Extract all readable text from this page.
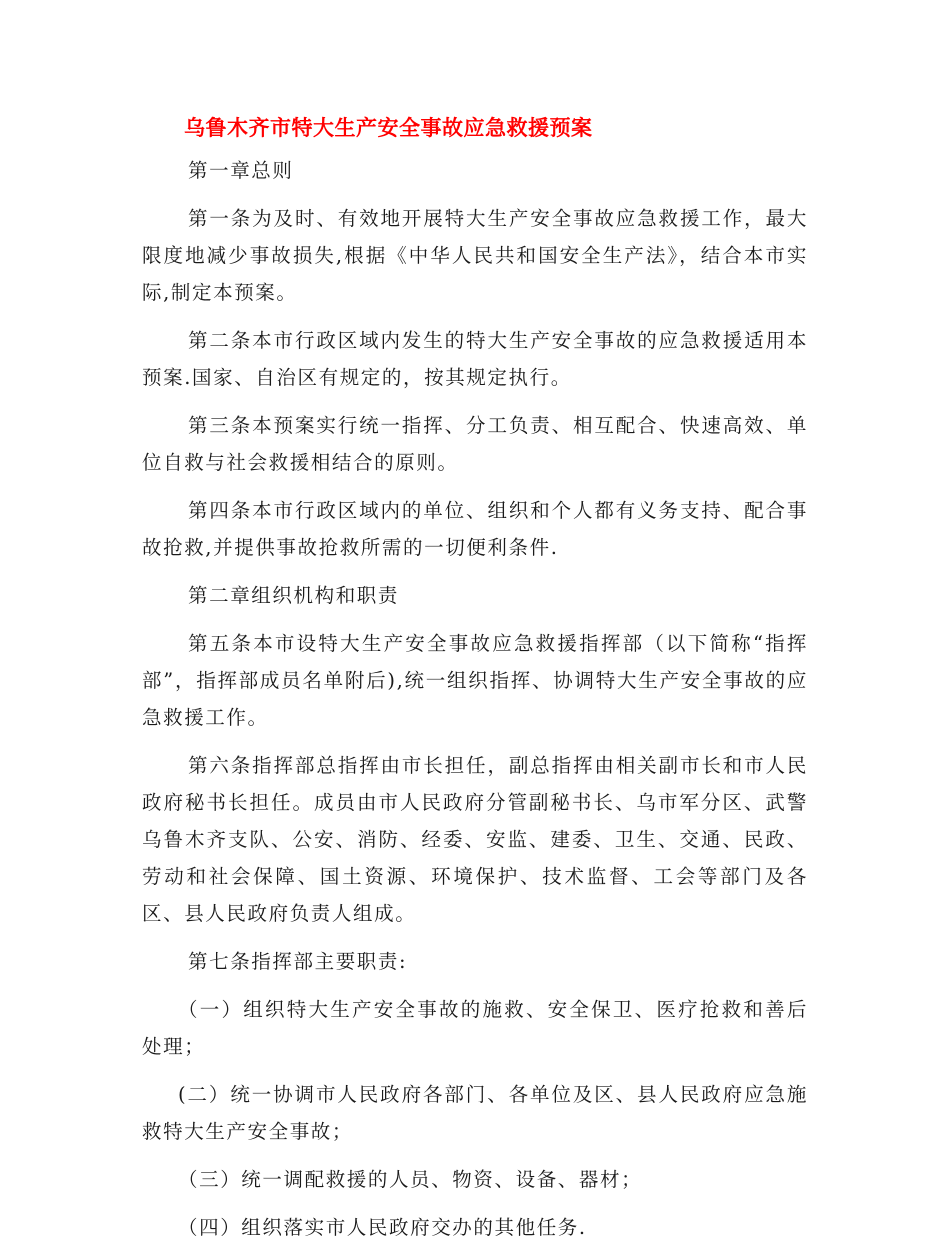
乌鲁木齐市特大生产安全事故应急救援预案

第一章总则

第一条为及时、有效地开展特大生产安全事故应急救援工作，最大限度地减少事故损失,根据《中华人民共和国安全生产法》，结合本市实际,制定本预案。

第二条本市行政区域内发生的特大生产安全事故的应急救援适用本预案.国家、自治区有规定的，按其规定执行。

第三条本预案实行统一指挥、分工负责、相互配合、快速高效、单位自救与社会救援相结合的原则。

第四条本市行政区域内的单位、组织和个人都有义务支持、配合事故抢救,并提供事故抢救所需的一切便利条件.

第二章组织机构和职责

第五条本市设特大生产安全事故应急救援指挥部（以下简称“指挥部”，指挥部成员名单附后),统一组织指挥、协调特大生产安全事故的应急救援工作。

第六条指挥部总指挥由市长担任，副总指挥由相关副市长和市人民政府秘书长担任。成员由市人民政府分管副秘书长、乌市军分区、武警乌鲁木齐支队、公安、消防、经委、安监、建委、卫生、交通、民政、劳动和社会保障、国土资源、环境保护、技术监督、工会等部门及各区、县人民政府负责人组成。

第七条指挥部主要职责:

（一）组织特大生产安全事故的施救、安全保卫、医疗抢救和善后处理；

(二）统一协调市人民政府各部门、各单位及区、县人民政府应急施救特大生产安全事故；

（三）统一调配救援的人员、物资、设备、器材；

（四）组织落实市人民政府交办的其他任务.
